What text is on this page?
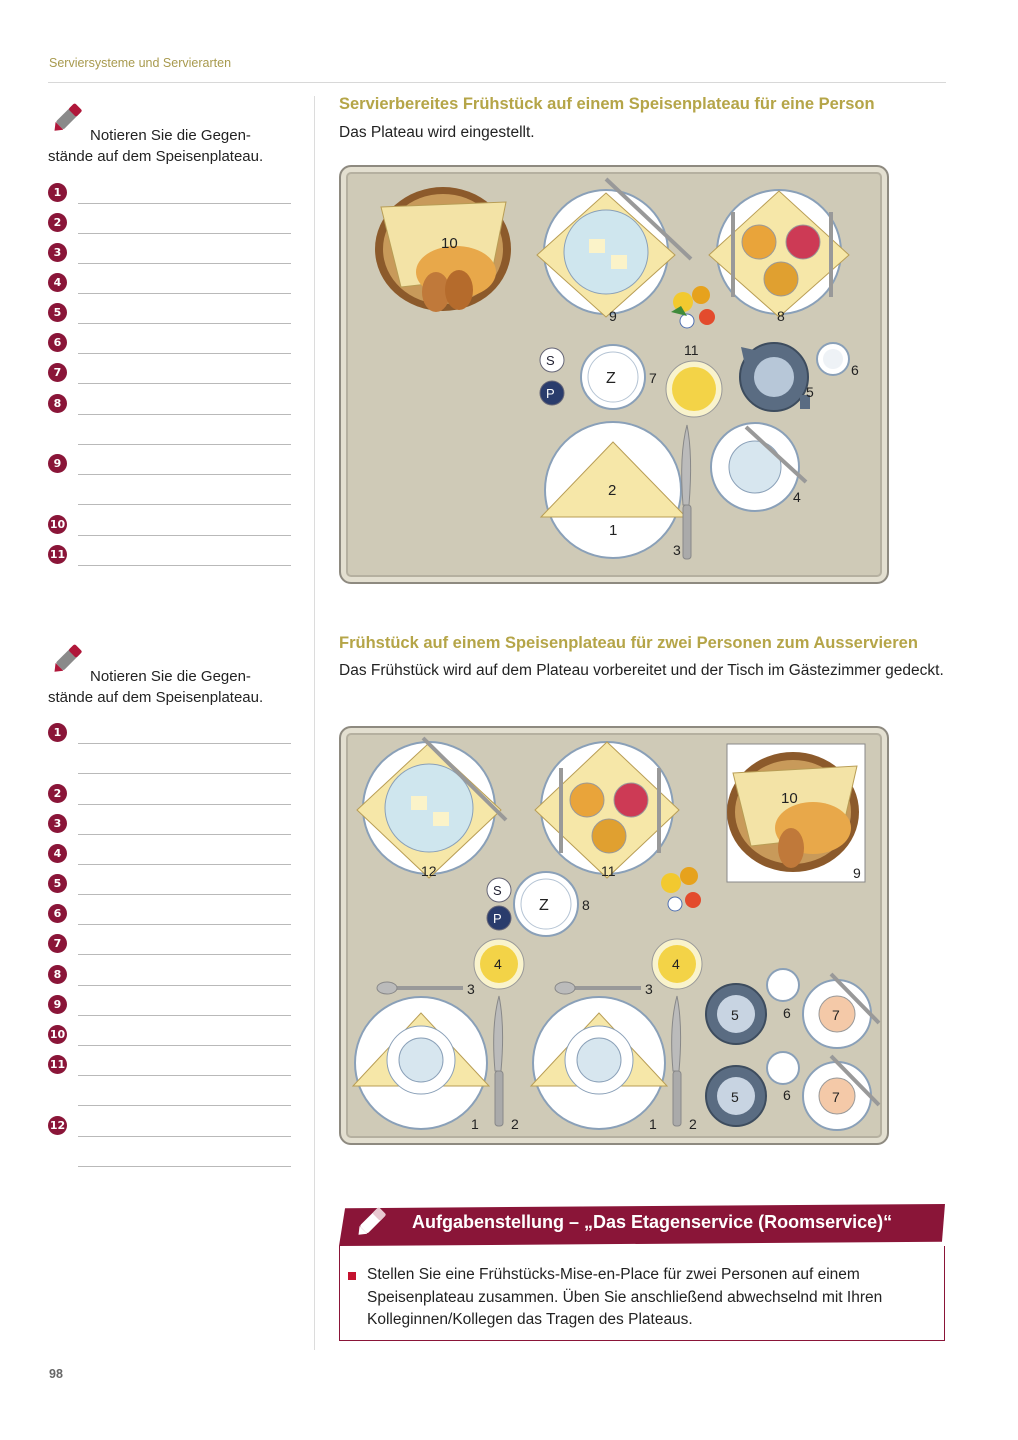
Serviersysteme und Servierarten
Notieren Sie die Gegen-
stände auf dem Speisenplateau.
1
2
3
4
5
6
7
8
9
10
11
Notieren Sie die Gegen-
stände auf dem Speisenplateau.
1
2
3
4
5
6
7
8
9
10
11
12
Servierbereites Frühstück auf einem Speisenplateau für eine Person
Das Plateau wird eingestellt.
10
9	8
11
S
P
Z 7
5
6
2
1
3
4
Frühstück auf einem Speisenplateau für zwei Personen zum Ausservieren
Das Frühstück wird auf dem Plateau vorbereitet und der Tisch im Gästezimmer gedeckt.
12	11
10
9
S
P
Z 8
4	4
3	3
1 2	1 2
5
5
6
6
7
7
Aufgabenstellung – „Das Etagenservice (Roomservice)“
Stellen Sie eine Frühstücks-Mise-en-Place für zwei Personen auf einem Speisenplateau zusammen. Üben Sie anschließend abwechselnd mit Ihren Kolleginnen/Kollegen das Tragen des Plateaus.
98
